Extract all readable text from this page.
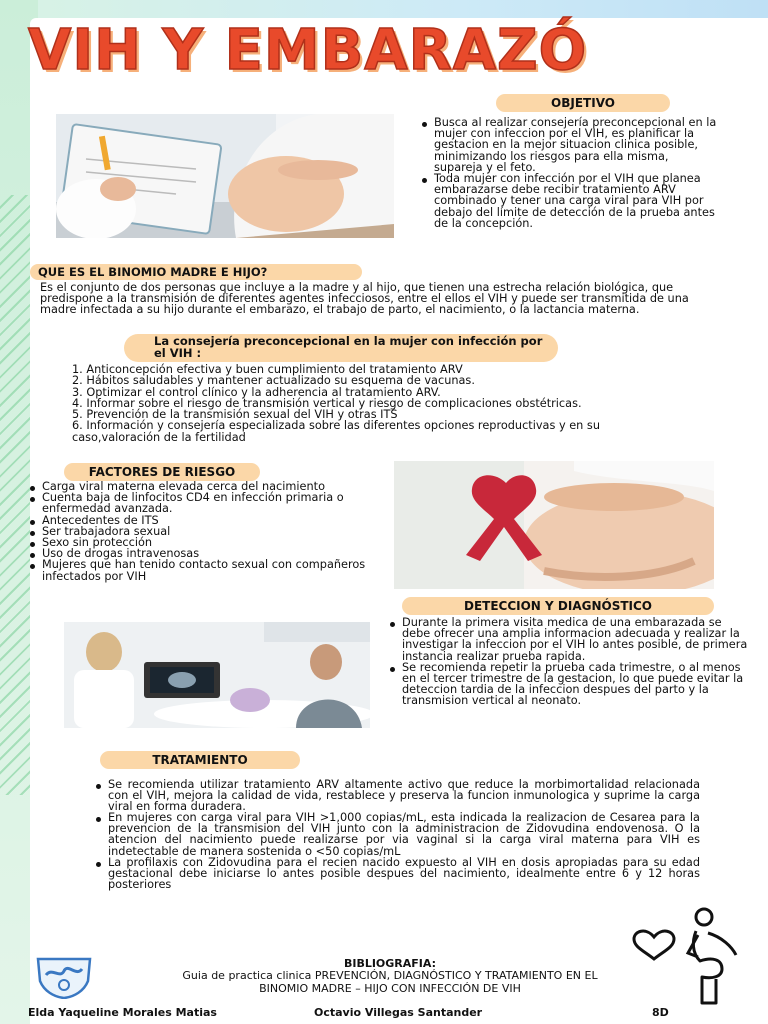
VIH Y EMBARAZÓ
OBJETIVO
Busca al realizar consejería preconcepcional en la mujer con infeccion por el VIH, es planificar la gestacion en la mejor situacion clinica posible, minimizando los riesgos para ella misma, supareja y el feto.
Toda mujer con infección por el VIH que planea embarazarse debe recibir tratamiento ARV combinado y tener una carga viral para VIH por debajo del límite de detección de la prueba antes de la concepción.
QUE ES EL BINOMIO MADRE E HIJO?
Es el conjunto de dos personas que incluye a la madre y al hijo, que tienen una estrecha relación biológica, que predispone a la transmisión de diferentes agentes infecciosos, entre el ellos el VIH y puede ser transmitida de una madre infectada a su hijo durante el embarazo, el trabajo de parto, el nacimiento, o la lactancia materna.
La consejería preconcepcional en la mujer con infección por el VIH :
1. Anticoncepción efectiva y buen cumplimiento del tratamiento ARV
2. Hábitos saludables y mantener actualizado su esquema de vacunas.
3. Optimizar el control clínico y la adherencia al tratamiento ARV.
4. Informar sobre el riesgo de transmisión vertical y riesgo de complicaciones obstétricas.
5. Prevención de la transmisión sexual del VIH y otras ITS
6. Información y consejería especializada sobre las diferentes opciones reproductivas y en su caso,valoración de la fertilidad
FACTORES DE RIESGO
Carga viral materna elevada cerca del nacimiento
Cuenta baja de linfocitos CD4 en infección primaria o enfermedad avanzada.
Antecedentes de ITS
Ser trabajadora sexual
Sexo sin protección
Uso de drogas intravenosas
Mujeres que han tenido contacto sexual con compañeros infectados por VIH
DETECCION Y DIAGNÓSTICO
Durante la primera visita medica de una embarazada se debe ofrecer una amplia informacion adecuada y realizar la investigar la infeccion por el VIH lo antes posible, de primera instancia realizar prueba rapida.
Se recomienda repetir la prueba cada trimestre, o al menos en el tercer trimestre de la gestacion, lo que puede evitar la deteccion tardia de la infeccion despues del parto y la transmision vertical al neonato.
TRATAMIENTO
Se recomienda utilizar tratamiento ARV altamente activo que reduce la morbimortalidad relacionada con el VIH, mejora la calidad de vida, restablece y preserva la funcion inmunologica y suprime la carga viral en forma duradera.
En mujeres con carga viral para VIH >1,000 copias/mL, esta indicada la realizacion de Cesarea para la prevencion de la transmision del VIH junto con la administracion de Zidovudina endovenosa. O la atencion del nacimiento puede realizarse por via vaginal si la carga viral materna para VIH es indetectable de manera sostenida o <50 copias/mL
La profilaxis con Zidovudina para el recien nacido expuesto al VIH en dosis apropiadas para su edad gestacional debe iniciarse lo antes posible despues del nacimiento, idealmente entre 6 y 12 horas posteriores
BIBLIOGRAFIA:
Guia de practica clinica PREVENCIÓN, DIAGNÓSTICO Y TRATAMIENTO EN EL
BINOMIO MADRE – HIJO CON INFECCIÓN DE VIH
Elda Yaqueline Morales Matias	Octavio Villegas Santander	8D
